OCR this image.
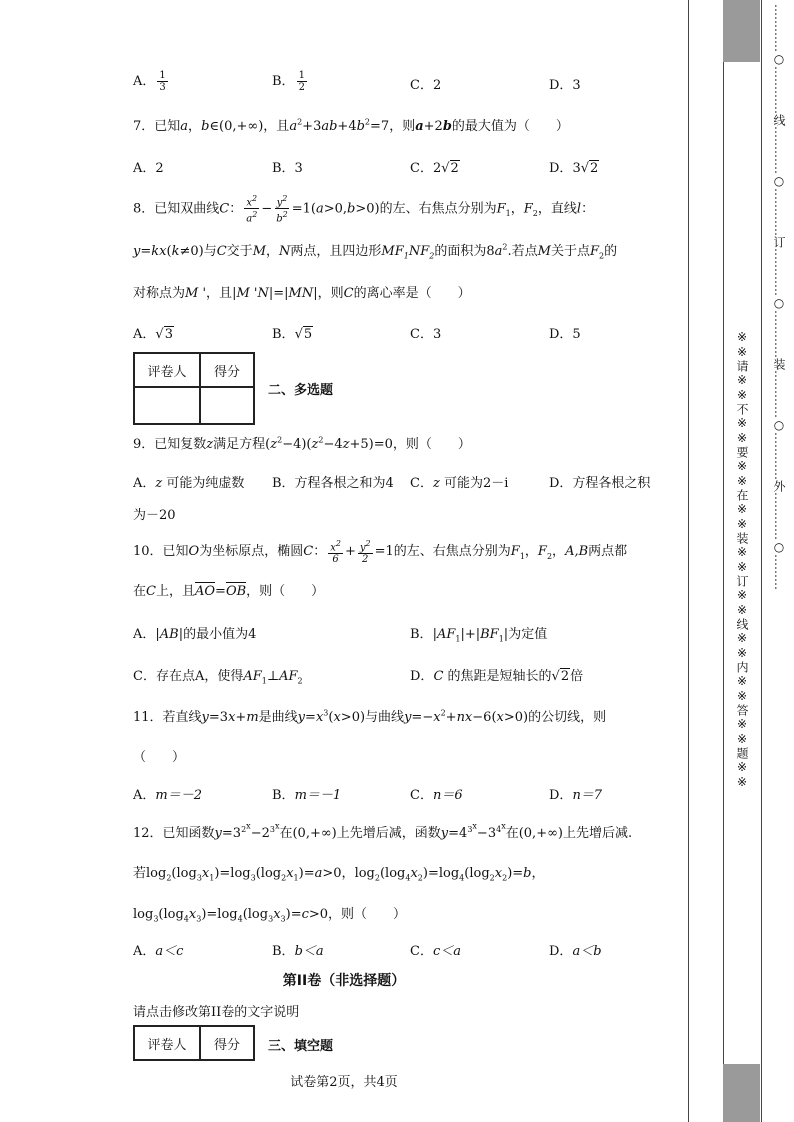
A． $\frac{1}{3}$	B． $\frac{1}{2}$	C．2	D．3
7．已知a，b∈(0,+∞)，且$a^2+3ab+4b^2=7$，则a+2b的最大值为（　　）
A．2	B．3	C．2√2	D．3√2
8．已知双曲线C： $\frac{x^2}{a^2} - \frac{y^2}{b^2} =1(a>0,b>0)$的左、右焦点分别为$F_1$，$F_2$，直线l：
y=kx(k≠0)与C交于M，N两点，且四边形$MF_1NF_2$的面积为$8a^2$.若点M关于点$F_2$的
对称点为M '，且|M 'N|=|MN|，则C的离心率是（　　）
A．√3	B．√5	C．3	D．5
评卷人	得分

二、多选题
9．已知复数z满足方程$(z^2-4)(z^2-4z+5)=0$，则（　　）
A．z 可能为纯虚数 B．方程各根之和为4 C．z 可能为2－i	D．方程各根之积
为－20
10．已知O为坐标原点，椭圆C： $\frac{x^2}{6} + \frac{y^2}{2} =1$的左、右焦点分别为$F_1$，$F_2$，A,B两点都
在C上，且AO=OB，则（　　）
A．|AB|的最小值为4	B．$|AF_1|+|BF_1|$为定值
C．存在点A，使得$AF_1\perp AF_2$	D．C 的焦距是短轴长的√2倍
11．若直线y=3x+m是曲线$y=x^3(x>0)$与曲线$y=-x^2+nx-6(x>0)$的公切线，则
（　　）
A．m＝－2	B．m＝－1	C．n＝6	D．n＝7
12．已知函数$y=3^{2^x}-2^{3^x}$在(0,+∞)上先增后减，函数$y=4^{3^x}-3^{4^x}$在(0,+∞)上先增后减.
若$\log_2(\log_3x_1)=\log_3(\log_2x_1)=a>0$，$\log_2(\log_4x_2)=\log_4(\log_2x_2)=b$，
$\log_3(\log_4x_3)=\log_4(\log_3x_3)=c>0$，则（　　）
A．a＜c	B．b＜a	C．c＜a	D．a＜b
第II卷（非选择题）
请点击修改第II卷的文字说明
评卷人	得分 三、填空题
试卷第2页，共4页
※※请※※不※※要※※在※※装※※订※※线※※内※※答※※题※※
…
…
…
…
○
…
…
…
…
线
…
…
…
…
○
…
…
…
…
订
…
…
…
…
○
…
…
…
…
装
…
…
…
…
○
…
…
…
…
外
…
…
…
…
○
…
…
…
